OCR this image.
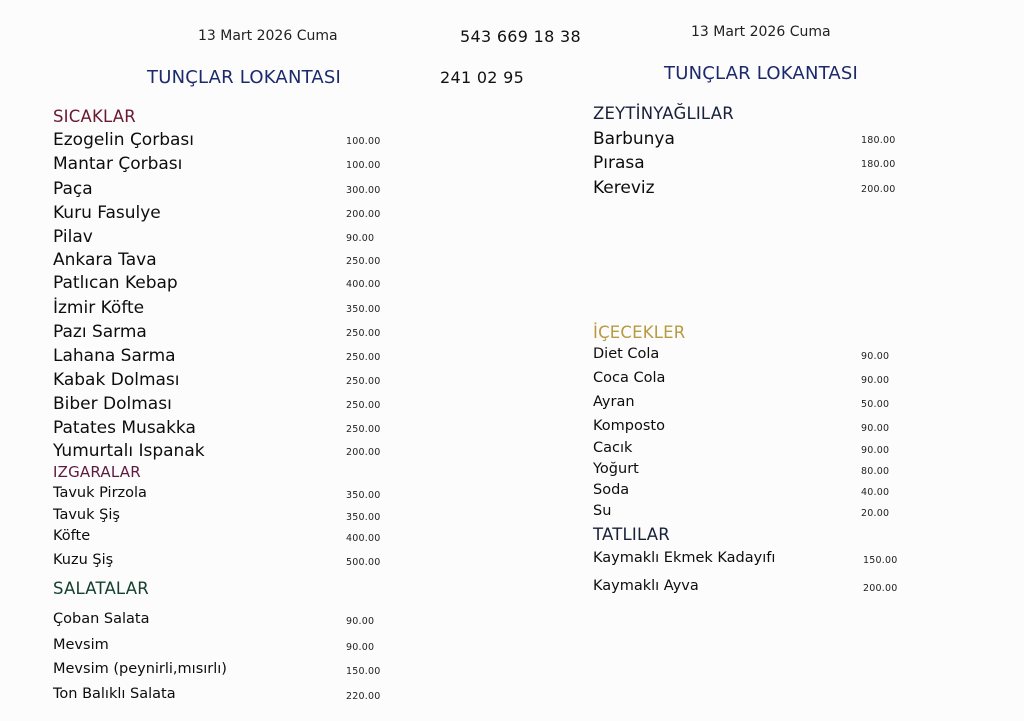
13 Mart 2026 Cuma	543 669 18 38	13 Mart 2026 Cuma
TUNÇLAR LOKANTASI	241 02 95	TUNÇLAR LOKANTASI
SICAKLAR
Ezogelin Çorbası	100.00
Mantar Çorbası	100.00
Paça	300.00
Kuru Fasulye	200.00
Pilav	90.00
Ankara Tava	250.00
Patlıcan Kebap	400.00
İzmir Köfte	350.00
Pazı Sarma	250.00
Lahana Sarma	250.00
Kabak Dolması	250.00
Biber Dolması	250.00
Patates Musakka	250.00
Yumurtalı Ispanak	200.00
IZGARALAR
Tavuk Pirzola	350.00
Tavuk Şiş	350.00
Köfte	400.00
Kuzu Şiş	500.00
SALATALAR
Çoban Salata	90.00
Mevsim	90.00
Mevsim (peynirli,mısırlı)	150.00
Ton Balıklı Salata	220.00
ZEYTİNYAĞLILAR
Barbunya	180.00
Pırasa	180.00
Kereviz	200.00
İÇECEKLER
Diet Cola	90.00
Coca Cola	90.00
Ayran	50.00
Komposto	90.00
Cacık	90.00
Yoğurt	80.00
Soda	40.00
Su	20.00
TATLILAR
Kaymaklı Ekmek Kadayıfı	150.00
Kaymaklı Ayva	200.00
